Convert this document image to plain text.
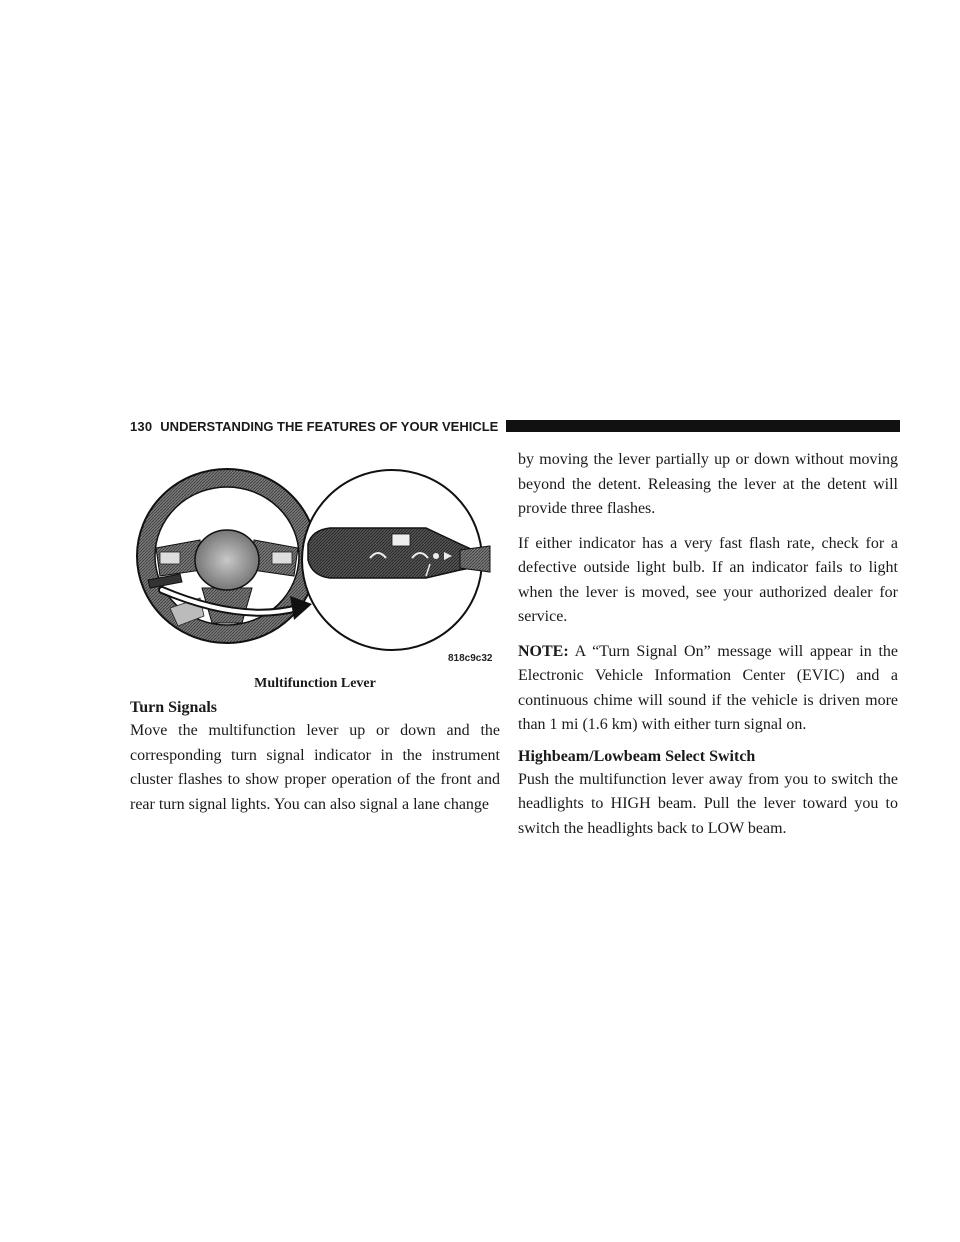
130 UNDERSTANDING THE FEATURES OF YOUR VEHICLE
818c9c32
Multifunction Lever
Turn Signals

Move the multifunction lever up or down and the corresponding turn signal indicator in the instrument cluster flashes to show proper operation of the front and rear turn signal lights. You can also signal a lane change

by moving the lever partially up or down without moving beyond the detent. Releasing the lever at the detent will provide three flashes.

If either indicator has a very fast flash rate, check for a defective outside light bulb. If an indicator fails to light when the lever is moved, see your authorized dealer for service.

NOTE: A “Turn Signal On” message will appear in the Electronic Vehicle Information Center (EVIC) and a continuous chime will sound if the vehicle is driven more than 1 mi (1.6 km) with either turn signal on.

Highbeam/Lowbeam Select Switch

Push the multifunction lever away from you to switch the headlights to HIGH beam. Pull the lever toward you to switch the headlights back to LOW beam.
